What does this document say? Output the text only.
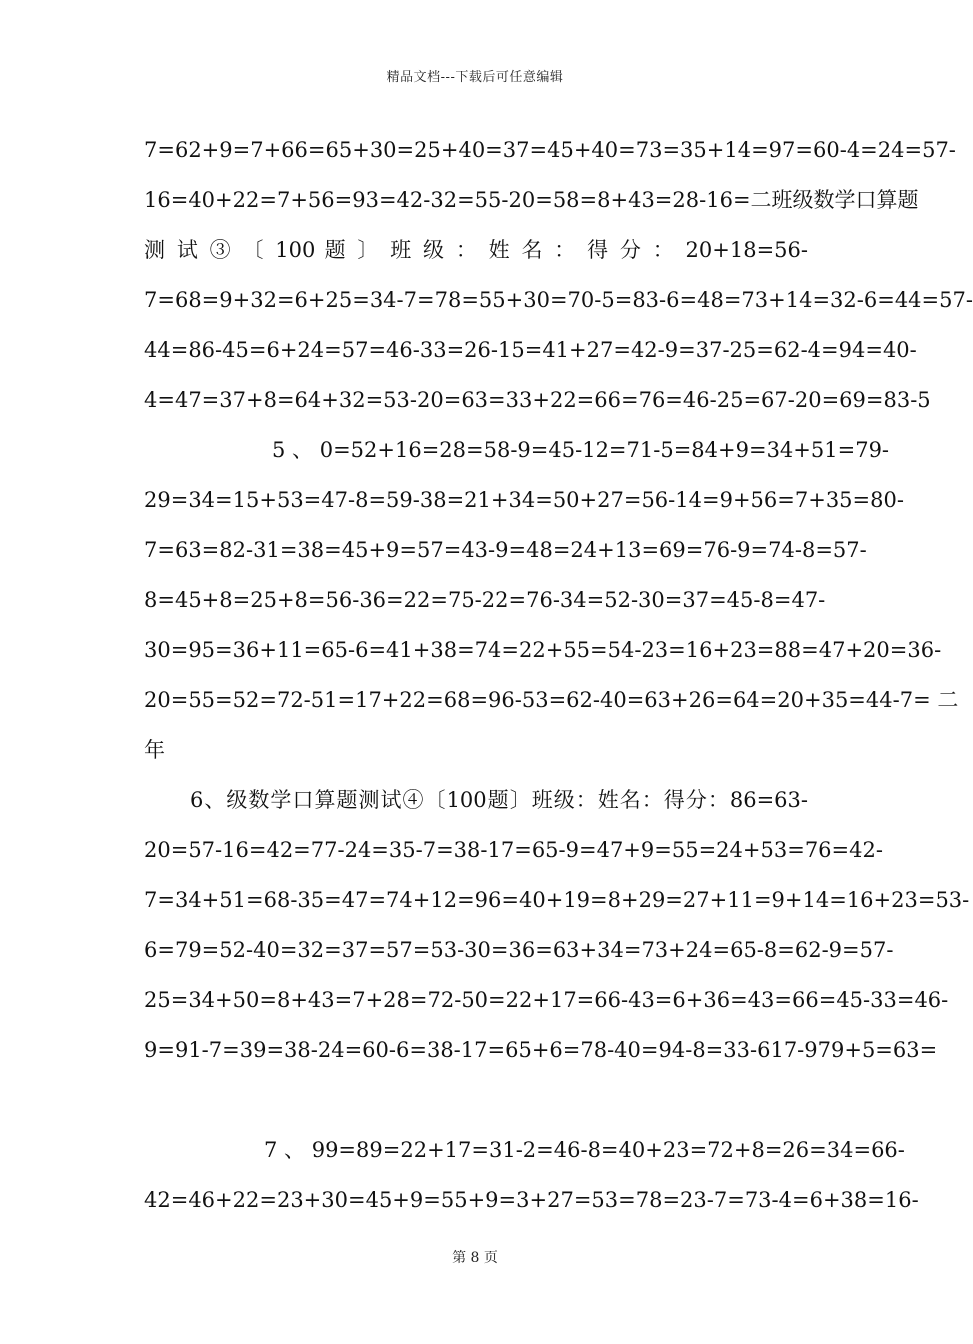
精品文档---下载后可任意编辑
7=62+9=7+66=65+30=25+40=37=45+40=73=35+14=97=60-4=24=57-
16=40+22=7+56=93=42-32=55-20=58=8+43=28-16=二班级数学口算题
测 试 ③ 〔 100 题 〕 班 级 ： 姓 名 ： 得 分 ： 20+18=56-
7=68=9+32=6+25=34-7=78=55+30=70-5=83-6=48=73+14=32-6=44=57-
44=86-45=6+24=57=46-33=26-15=41+27=42-9=37-25=62-4=94=40-
4=47=37+8=64+32=53-20=63=33+22=66=76=46-25=67-20=69=83-5
5 、 0=52+16=28=58-9=45-12=71-5=84+9=34+51=79-
29=34=15+53=47-8=59-38=21+34=50+27=56-14=9+56=7+35=80-
7=63=82-31=38=45+9=57=43-9=48=24+13=69=76-9=74-8=57-
8=45+8=25+8=56-36=22=75-22=76-34=52-30=37=45-8=47-
30=95=36+11=65-6=41+38=74=22+55=54-23=16+23=88=47+20=36-
20=55=52=72-51=17+22=68=96-53=62-40=63+26=64=20+35=44-7= 二
年
6、级数学口算题测试④〔100题〕班级：姓名：得分：86=63-
20=57-16=42=77-24=35-7=38-17=65-9=47+9=55=24+53=76=42-
7=34+51=68-35=47=74+12=96=40+19=8+29=27+11=9+14=16+23=53-
6=79=52-40=32=37=57=53-30=36=63+34=73+24=65-8=62-9=57-
25=34+50=8+43=7+28=72-50=22+17=66-43=6+36=43=66=45-33=46-
9=91-7=39=38-24=60-6=38-17=65+6=78-40=94-8=33-617-979+5=63=
7 、 99=89=22+17=31-2=46-8=40+23=72+8=26=34=66-
42=46+22=23+30=45+9=55+9=3+27=53=78=23-7=73-4=6+38=16-
第 8 页
